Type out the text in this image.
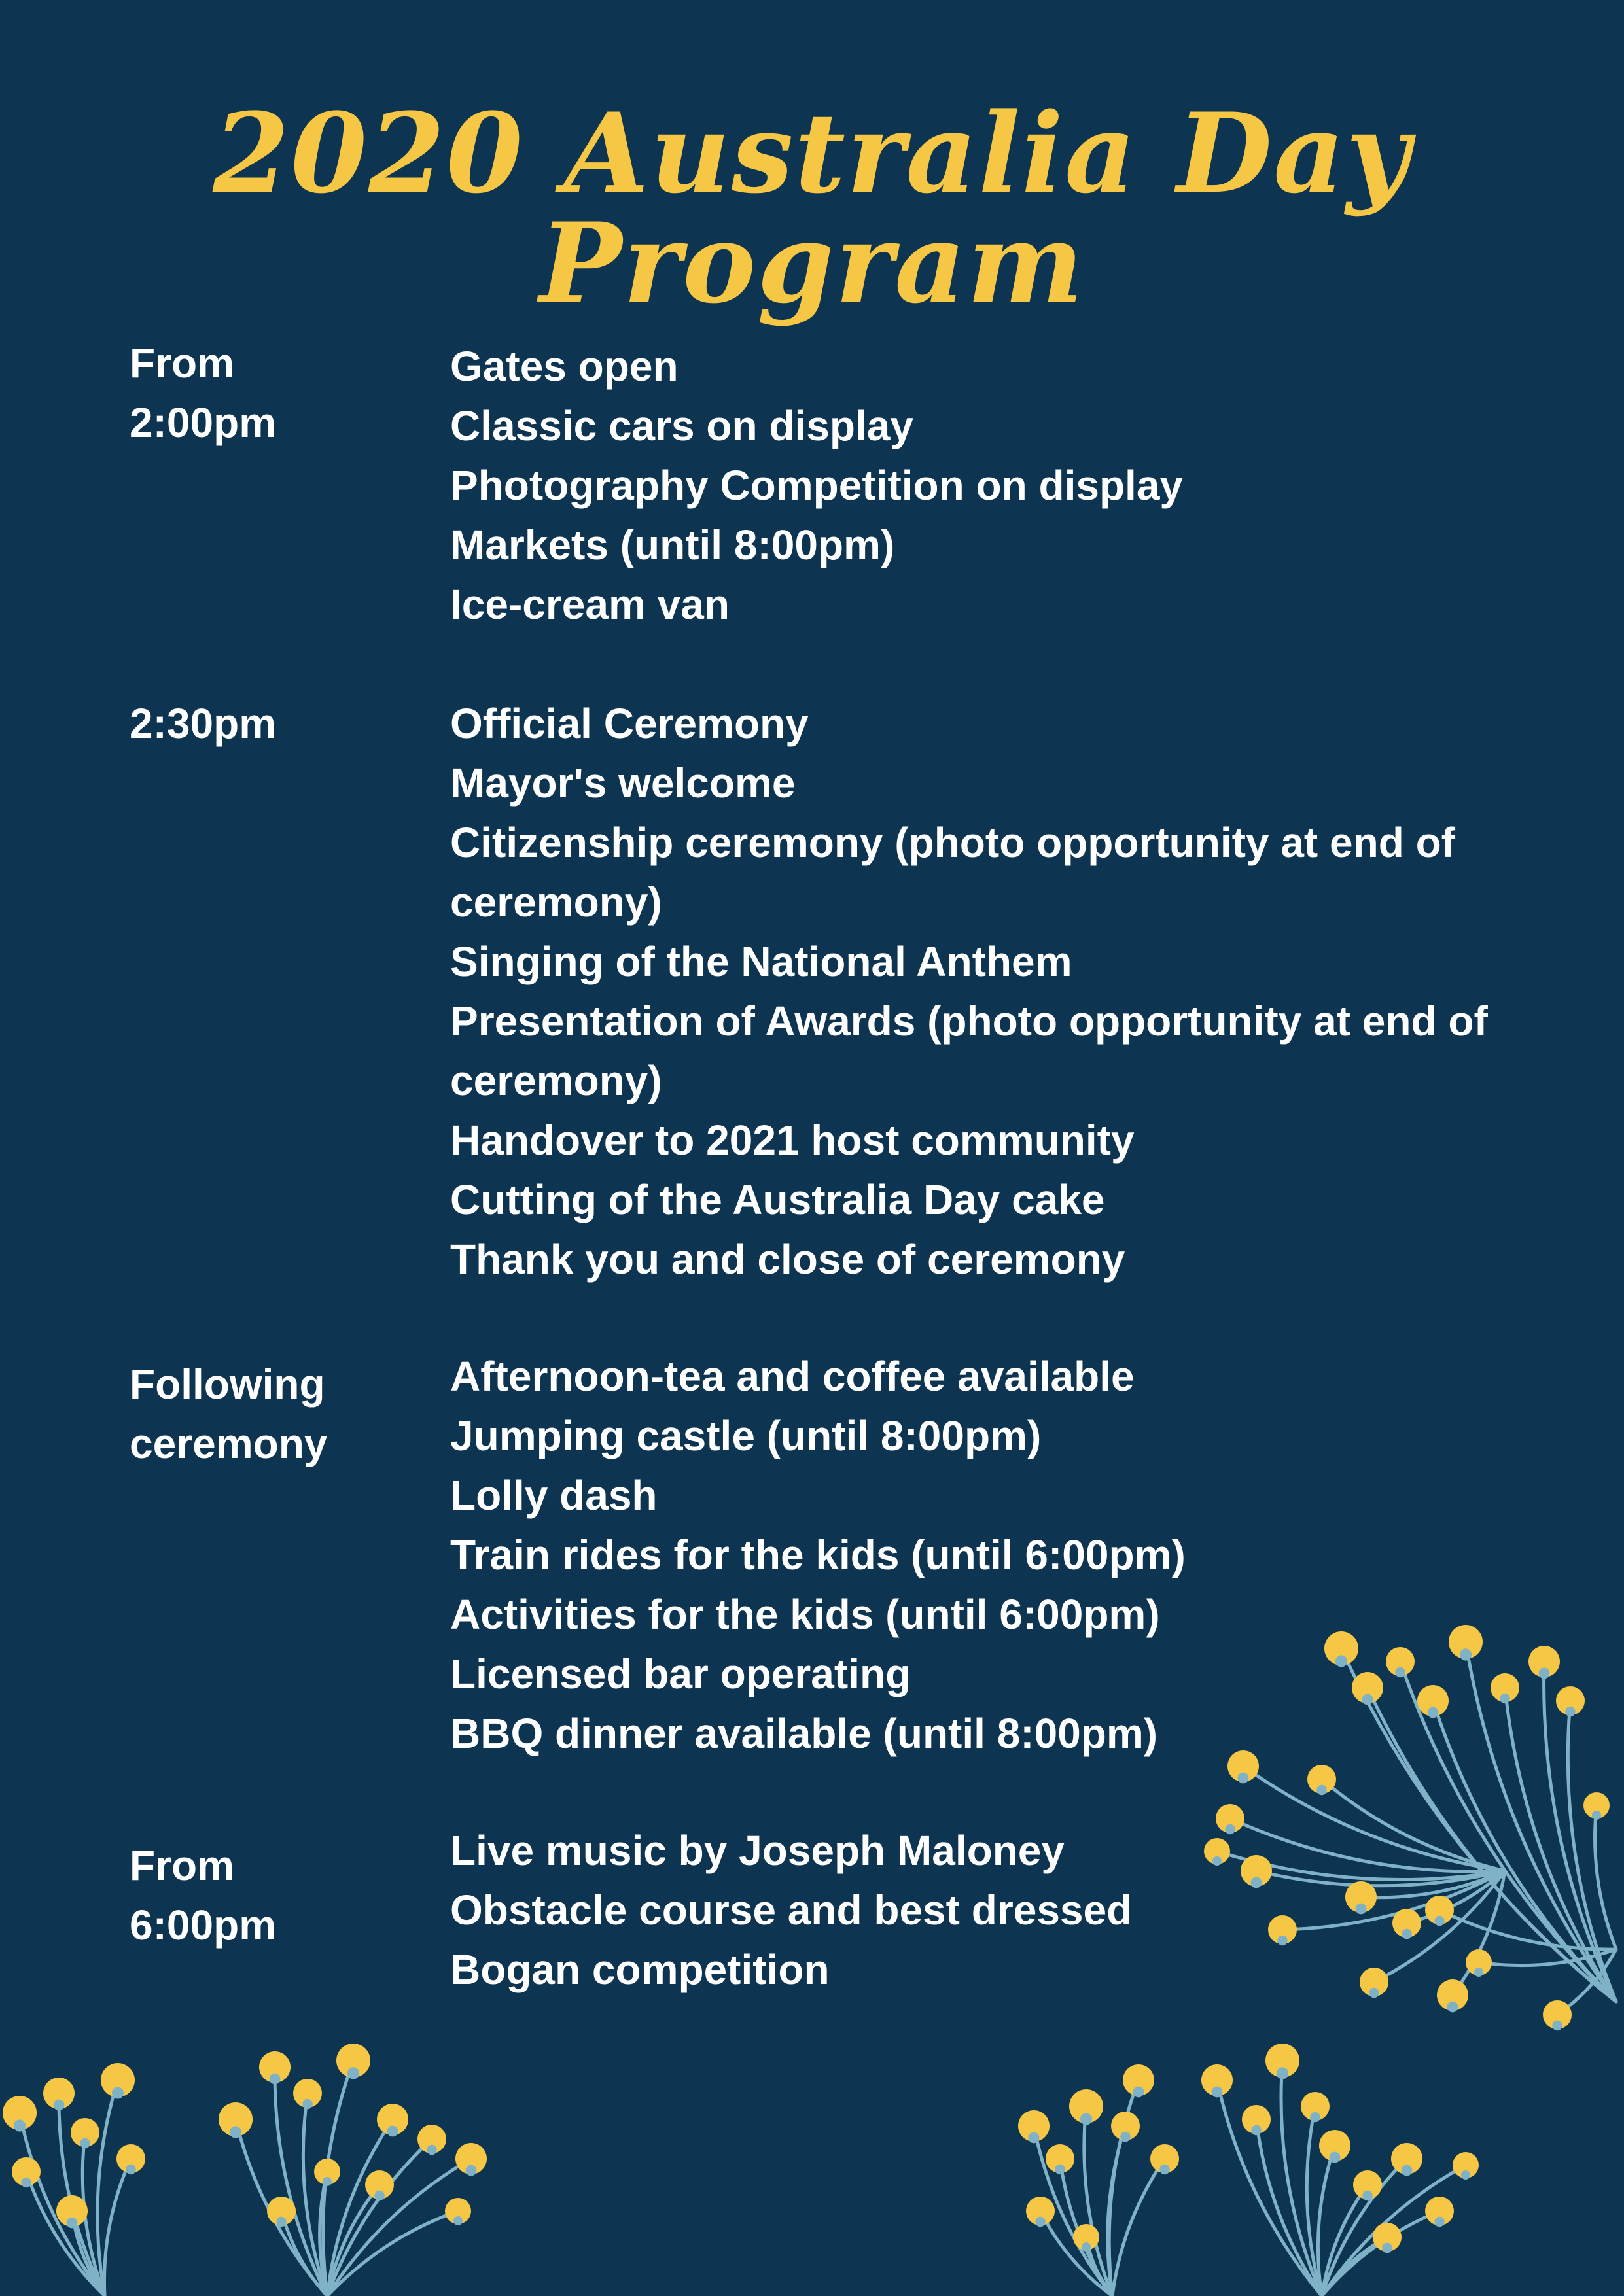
2020 Australia Day Program
From
2:00pm
Gates open
Classic cars on display
Photography Competition on display
Markets (until 8:00pm)
Ice-cream van
2:30pm	Official Ceremony
Mayor's welcome
Citizenship ceremony (photo opportunity at end of ceremony)
Singing of the National Anthem
Presentation of Awards (photo opportunity at end of ceremony)
Handover to 2021 host community
Cutting of the Australia Day cake
Thank you and close of ceremony
Following
ceremony
Afternoon-tea and coffee available
Jumping castle (until 8:00pm)
Lolly dash
Train rides for the kids (until 6:00pm)
Activities for the kids (until 6:00pm)
Licensed bar operating
BBQ dinner available (until 8:00pm)
From
6:00pm
Live music by Joseph Maloney
Obstacle course and best dressed
Bogan competition
